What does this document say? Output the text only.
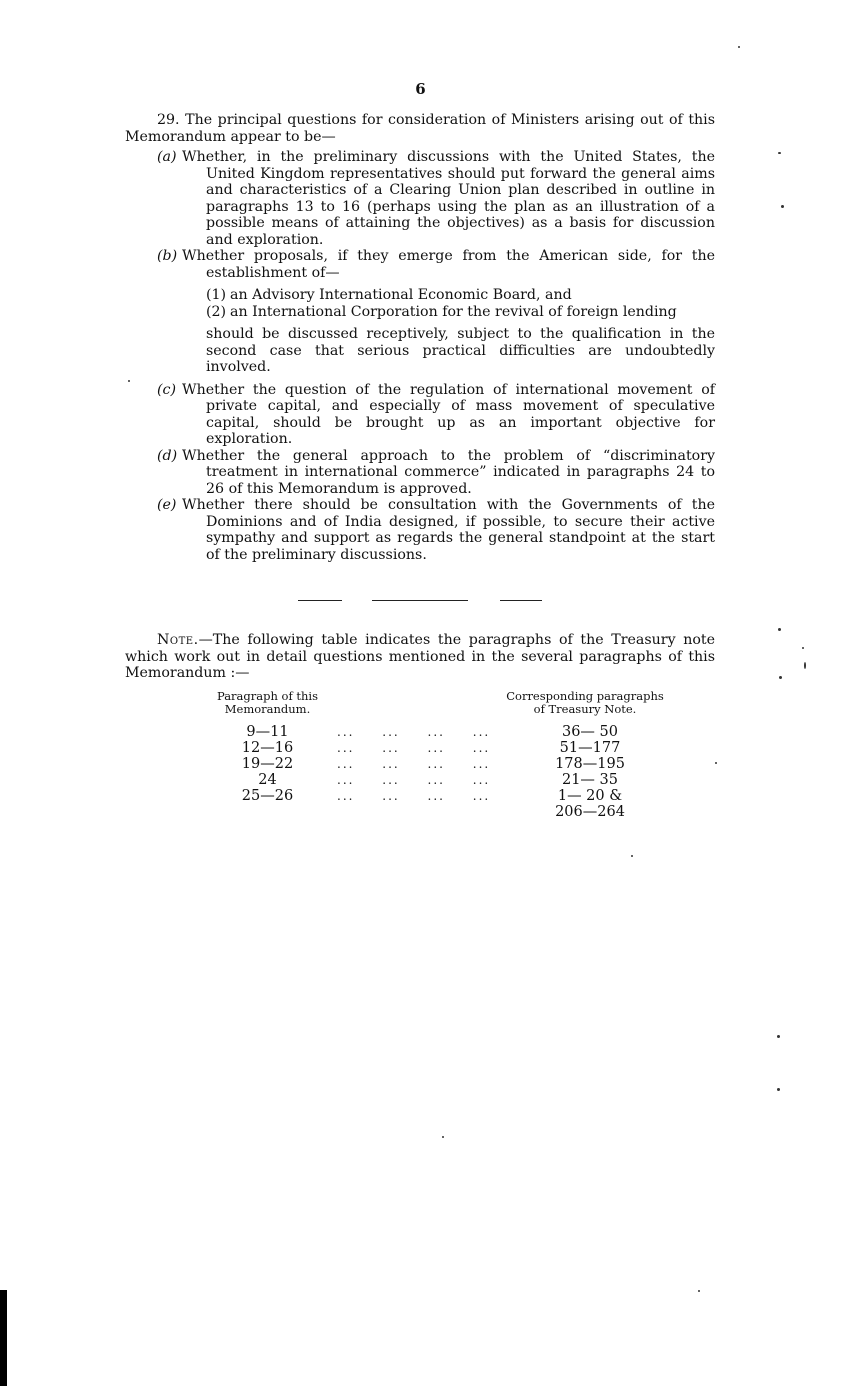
6

29. The principal questions for consideration of Ministers arising out of this Memorandum appear to be—

(a) Whether, in the preliminary discussions with the United States, the United Kingdom representatives should put forward the general aims and characteristics of a Clearing Union plan described in outline in paragraphs 13 to 16 (perhaps using the plan as an illustration of a possible means of attaining the objectives) as a basis for discussion and exploration.
(b) Whether proposals, if they emerge from the American side, for the establishment of—
(1) an Advisory International Economic Board, and
(2) an International Corporation for the revival of foreign lending
should be discussed receptively, subject to the qualification in the second case that serious practical difficulties are undoubtedly involved.
(c) Whether the question of the regulation of international movement of private capital, and especially of mass movement of speculative capital, should be brought up as an important objective for exploration.
(d) Whether the general approach to the problem of “discriminatory treatment in international commerce” indicated in paragraphs 24 to 26 of this Memorandum is approved.
(e) Whether there should be consultation with the Governments of the Dominions and of India designed, if possible, to secure their active sympathy and support as regards the general standpoint at the start of the preliminary discussions.

Note.—The following table indicates the paragraphs of the Treasury note which work out in detail questions mentioned in the several paragraphs of this Memorandum :—

Paragraph of this
Memorandum.
Corresponding paragraphs
of Treasury Note.
9—11	... ... ... ...	36— 50
12—16	... ... ... ...	51—177
19—22	... ... ... ...	178—195
24	... ... ... ...	21— 35
25—26	... ... ... ...	1— 20 &
206—264
